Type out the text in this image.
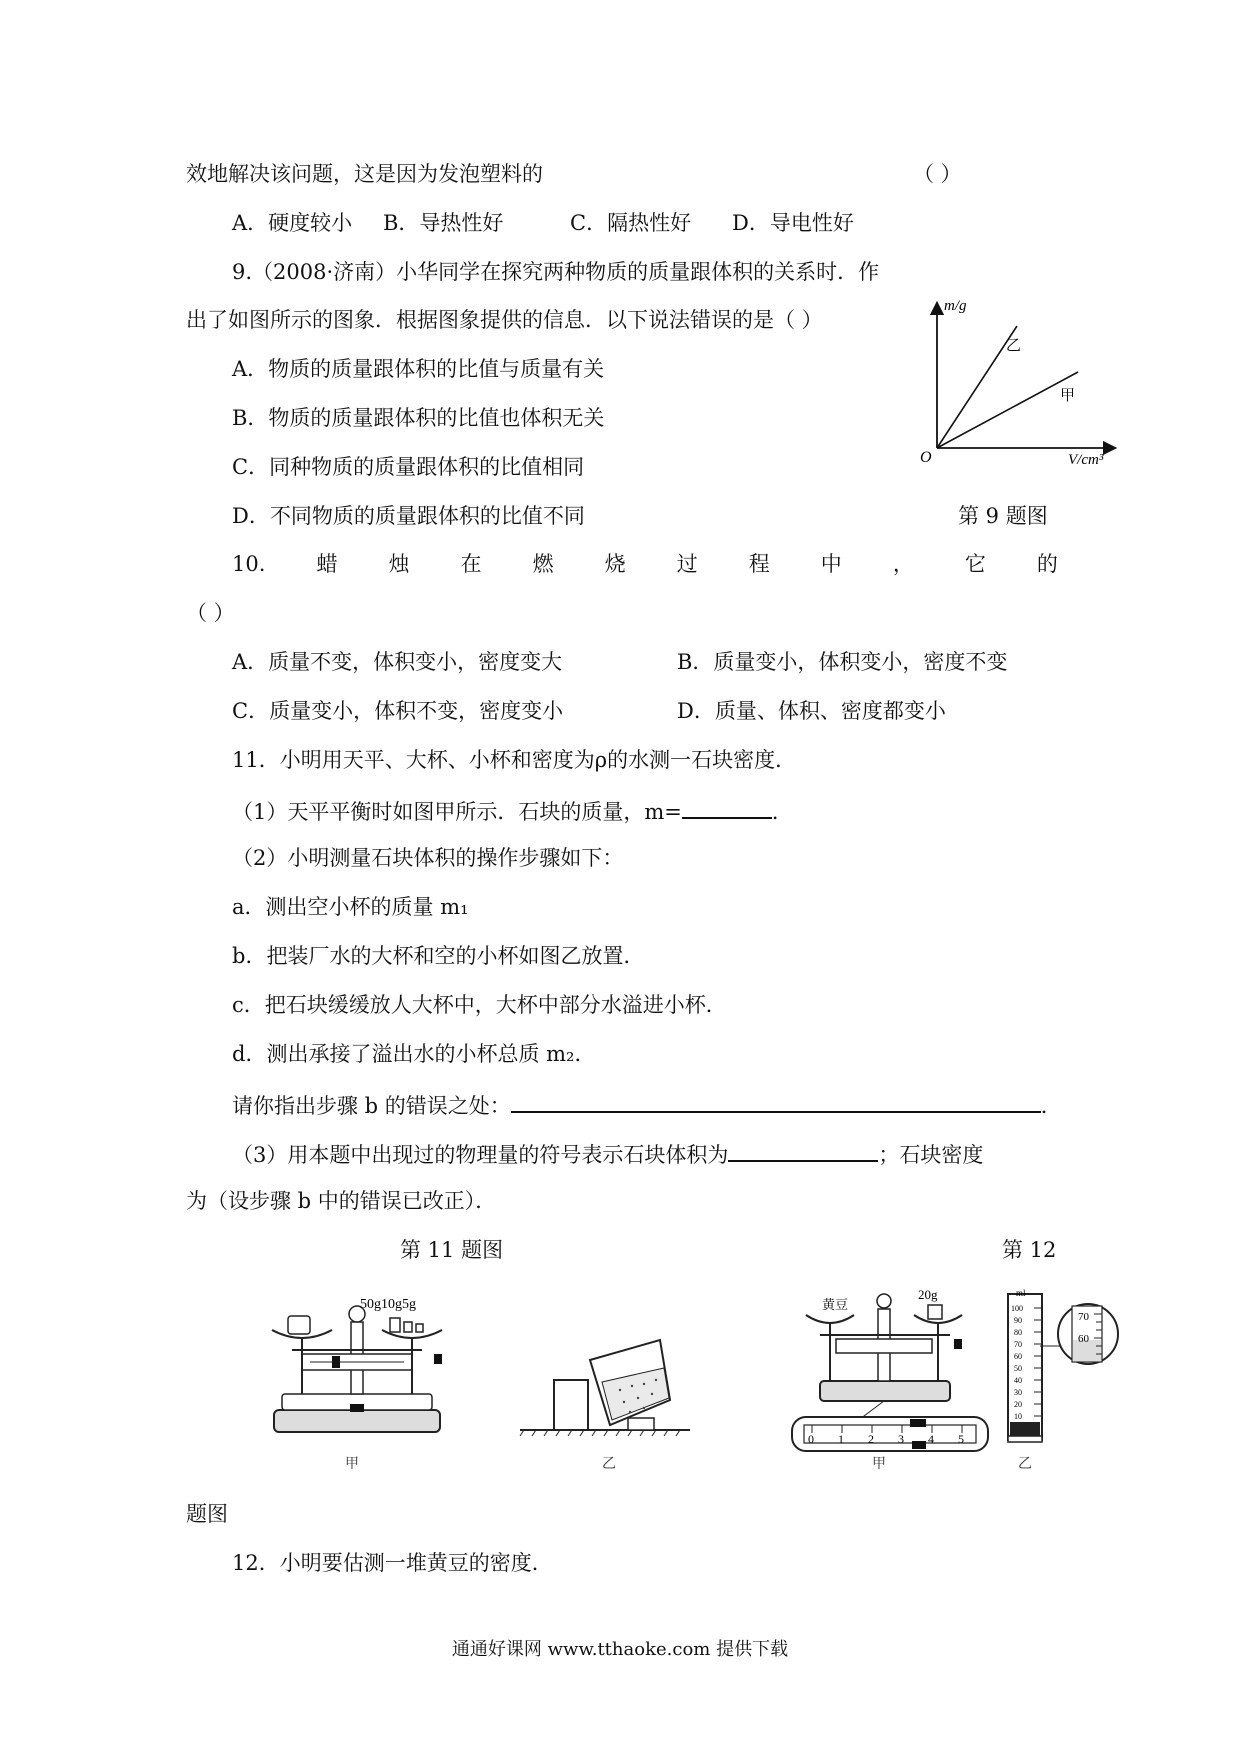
效地解决该问题，这是因为发泡塑料的	（ ）
A．硬度较小 B．导热性好	C．隔热性好 D．导电性好
9.（2008·济南）小华同学在探究两种物质的质量跟体积的关系时．作
出了如图所示的图象．根据图象提供的信息．以下说法错误的是（ ）
A．物质的质量跟体积的比值与质量有关
B．物质的质量跟体积的比值也体积无关
C．同种物质的质量跟体积的比值相同
D．不同物质的质量跟体积的比值不同	第 9 题图
m/g
V/cm³
O
乙
甲
10. 蜡 烛 在 燃 烧 过 程 中 ， 它 的
（ ）
A．质量不变，体积变小，密度变大	B．质量变小，体积变小，密度不变
C．质量变小，体积不变，密度变小	D．质量、体积、密度都变小
11．小明用天平、大杯、小杯和密度为ρ的水测一石块密度．
（1）天平平衡时如图甲所示．石块的质量，m=	．
（2）小明测量石块体积的操作步骤如下：
a．测出空小杯的质量 m₁
b．把装厂水的大杯和空的小杯如图乙放置．
c．把石块缓缓放人大杯中，大杯中部分水溢进小杯．
d．测出承接了溢出水的小杯总质 m₂．
请你指出步骤 b 的错误之处：	．
（3）用本题中出现过的物理量的符号表示石块体积为	；石块密度
为（设步骤 b 中的错误已改正）．
第 11 题图	第 12
50g10g5g
甲	乙
0 1 2 3 4 5
黄豆
20g
甲
ml
100
90
80
70
60
50
40
30
20
10
70
60
乙
题图
12．小明要估测一堆黄豆的密度．
通通好课网 www.tthaoke.com 提供下载
